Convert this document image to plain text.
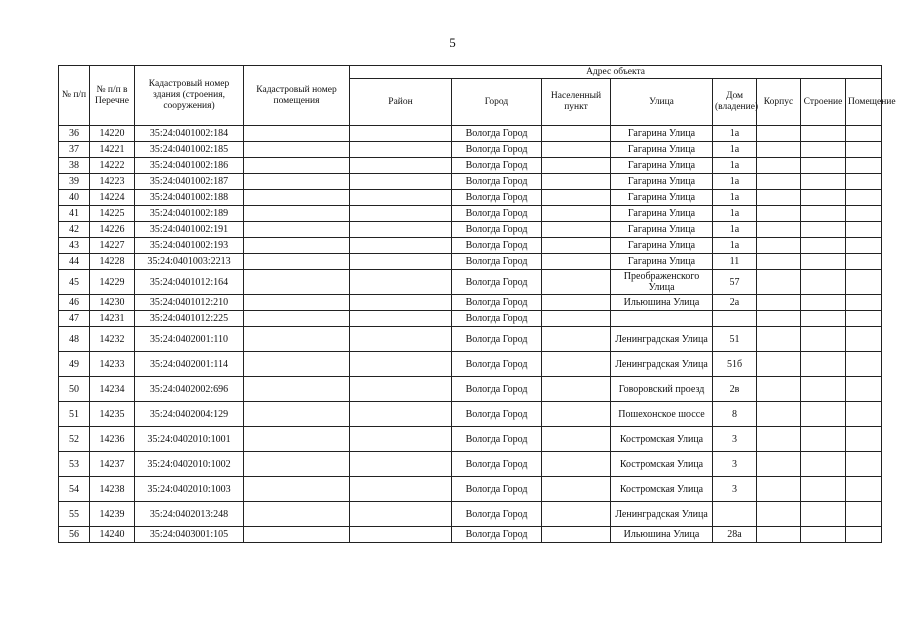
5
№ п/п	№ п/п в Перечне	Кадастровый номер здания (строения, сооружения)	Кадастровый номер помещения	Адрес объекта							
				Район	Город	Населенный пункт	Улица	Дом (владение)	Корпус	Строение	Помещение
36	14220	35:24:0401002:184			Вологда Город		Гагарина Улица	1а			
37	14221	35:24:0401002:185			Вологда Город		Гагарина Улица	1а			
38	14222	35:24:0401002:186			Вологда Город		Гагарина Улица	1а			
39	14223	35:24:0401002:187			Вологда Город		Гагарина Улица	1а			
40	14224	35:24:0401002:188			Вологда Город		Гагарина Улица	1а			
41	14225	35:24:0401002:189			Вологда Город		Гагарина Улица	1а			
42	14226	35:24:0401002:191			Вологда Город		Гагарина Улица	1а			
43	14227	35:24:0401002:193			Вологда Город		Гагарина Улица	1а			
44	14228	35:24:0401003:2213			Вологда Город		Гагарина Улица	11			
45	14229	35:24:0401012:164			Вологда Город		Преображенского Улица	57			
46	14230	35:24:0401012:210			Вологда Город		Ильюшина Улица	2а			
47	14231	35:24:0401012:225			Вологда Город						
48	14232	35:24:0402001:110			Вологда Город		Ленинградская Улица	51			
49	14233	35:24:0402001:114			Вологда Город		Ленинградская Улица	51б			
50	14234	35:24:0402002:696			Вологда Город		Говоровский проезд	2в			
51	14235	35:24:0402004:129			Вологда Город		Пошехонское шоссе	8			
52	14236	35:24:0402010:1001			Вологда Город		Костромская Улица	3			
53	14237	35:24:0402010:1002			Вологда Город		Костромская Улица	3			
54	14238	35:24:0402010:1003			Вологда Город		Костромская Улица	3			
55	14239	35:24:0402013:248			Вологда Город		Ленинградская Улица				
56	14240	35:24:0403001:105			Вологда Город		Ильюшина Улица	28а			
